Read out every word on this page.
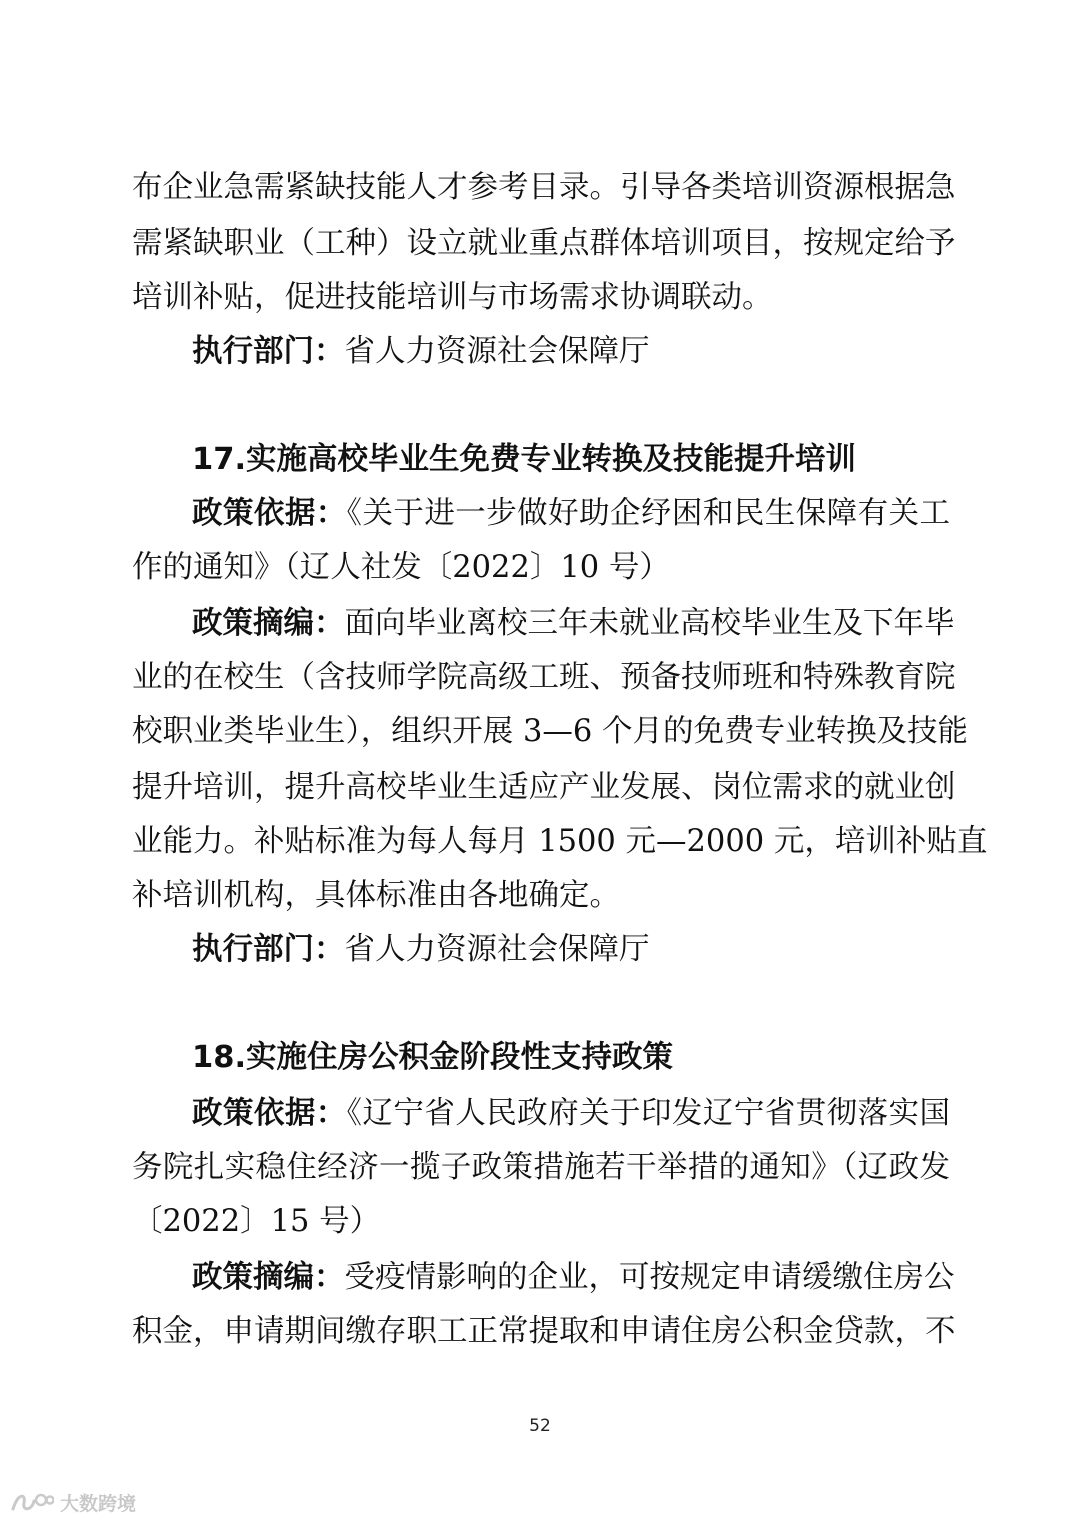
布企业急需紧缺技能人才参考目录。引导各类培训资源根据急
需紧缺职业（工种）设立就业重点群体培训项目，按规定给予
培训补贴，促进技能培训与市场需求协调联动。
执行部门：省人力资源社会保障厅
17.实施高校毕业生免费专业转换及技能提升培训
政策依据：《关于进一步做好助企纾困和民生保障有关工
作的通知》（辽人社发〔2022〕10 号）
政策摘编：面向毕业离校三年未就业高校毕业生及下年毕
业的在校生（含技师学院高级工班、预备技师班和特殊教育院
校职业类毕业生），组织开展 3—6 个月的免费专业转换及技能
提升培训，提升高校毕业生适应产业发展、岗位需求的就业创
业能力。补贴标准为每人每月 1500 元—2000 元，培训补贴直
补培训机构，具体标准由各地确定。
执行部门：省人力资源社会保障厅
18.实施住房公积金阶段性支持政策
政策依据：《辽宁省人民政府关于印发辽宁省贯彻落实国
务院扎实稳住经济一揽子政策措施若干举措的通知》（辽政发
〔2022〕15 号）
政策摘编：受疫情影响的企业，可按规定申请缓缴住房公
积金，申请期间缴存职工正常提取和申请住房公积金贷款，不
52
大数跨境
